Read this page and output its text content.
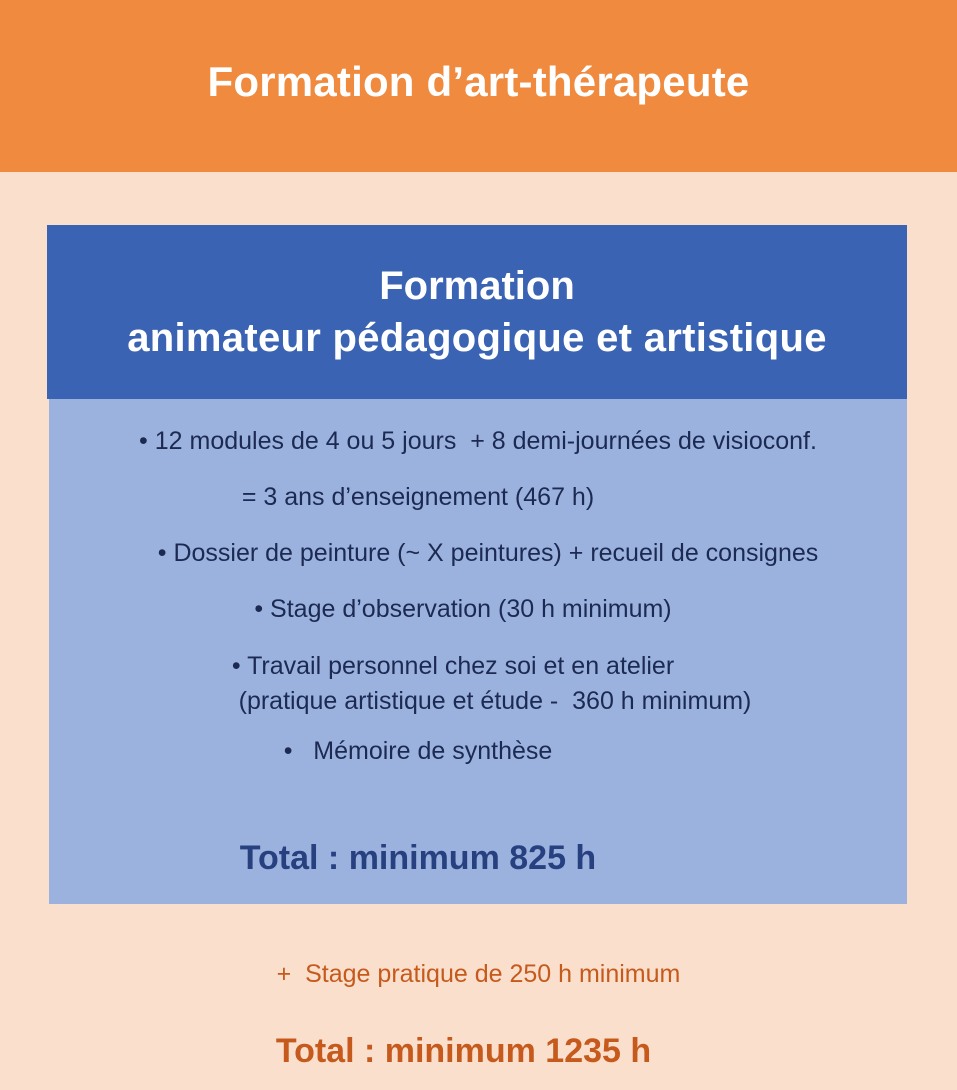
Formation d’art-thérapeute
Formation
animateur pédagogique et artistique
• 12 modules de 4 ou 5 jours  + 8 demi-journées de visioconf.
= 3 ans d’enseignement (467 h)
• Dossier de peinture (~ X peintures) + recueil de consignes
• Stage d’observation (30 h minimum)
• Travail personnel chez soi et en atelier
(pratique artistique et étude -  360 h minimum)
•   Mémoire de synthèse
Total : minimum 825 h
+  Stage pratique de 250 h minimum
Total : minimum 1235 h
